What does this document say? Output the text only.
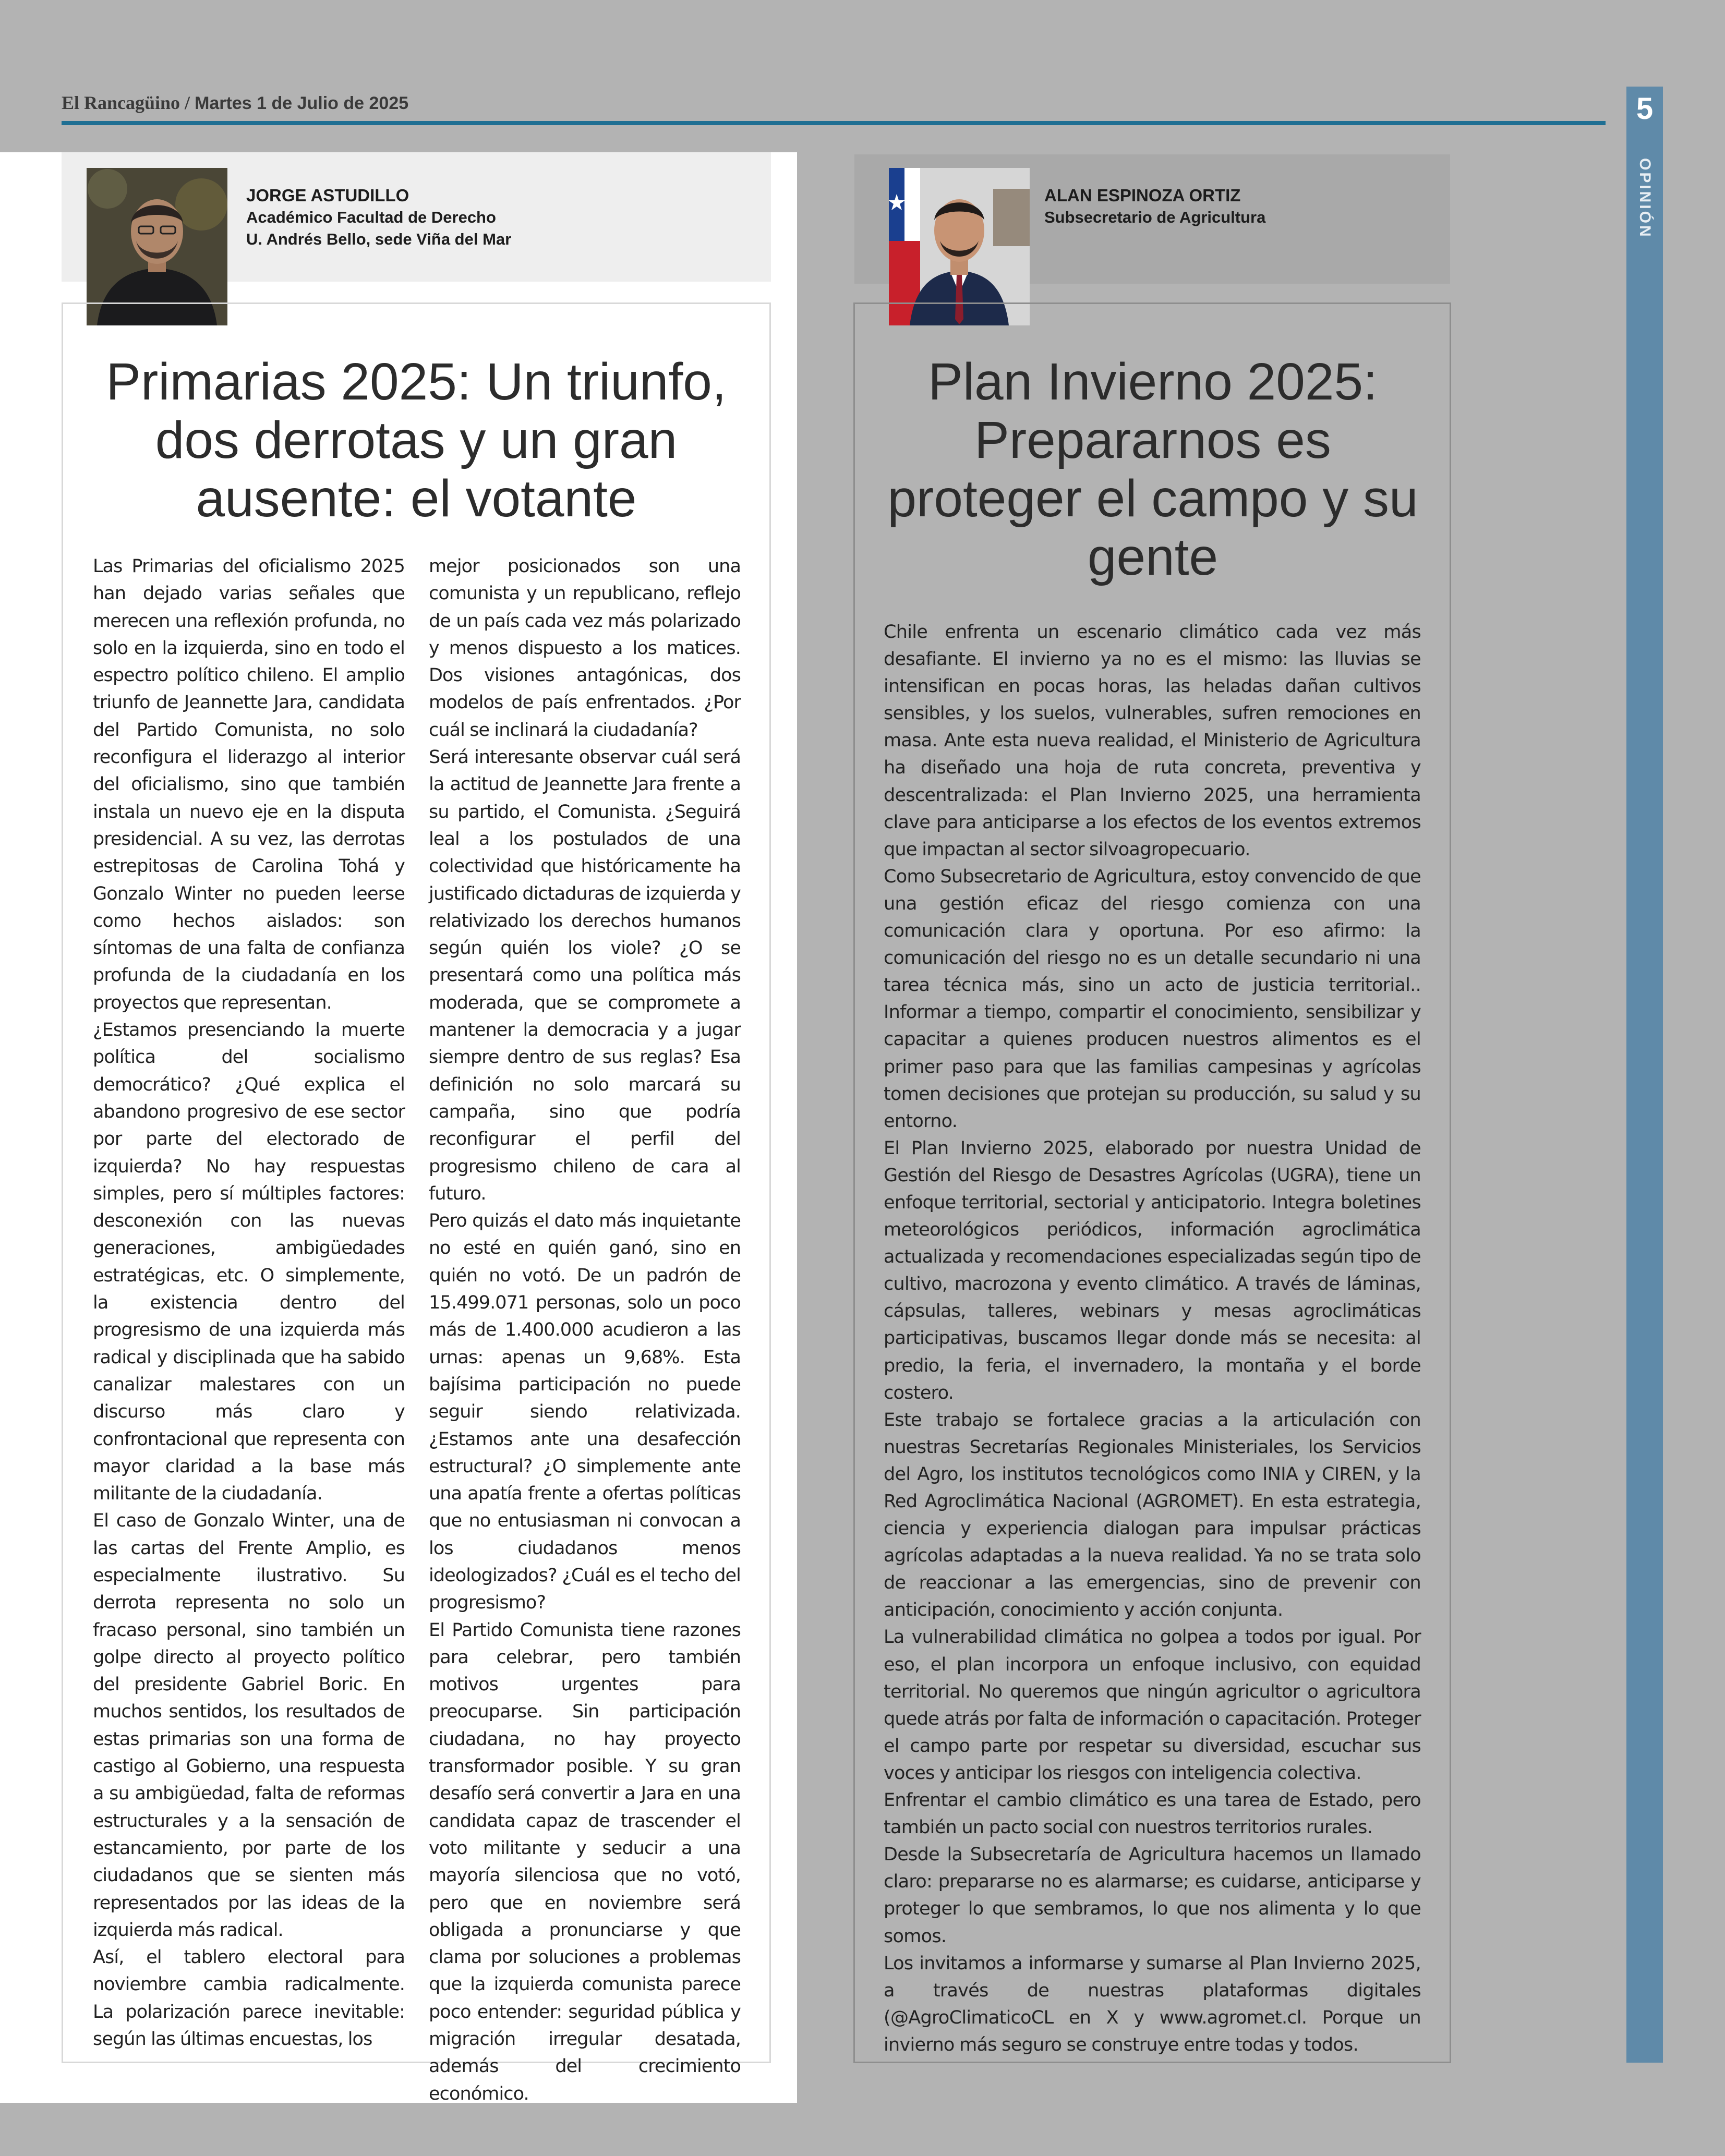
El Rancagüino / Martes 1 de Julio de 2025	5
OPINIÓN
JORGE ASTUDILLO
Académico Facultad de Derecho
U. Andrés Bello, sede Viña del Mar
Primarias 2025: Un triunfo, dos derrotas y un gran ausente: el votante

Las Primarias del oficialismo 2025 han dejado varias señales que merecen una reflexión profunda, no solo en la izquierda, sino en todo el espectro político chileno. El amplio triunfo de Jeannette Jara, candidata del Partido Comunista, no solo reconfigura el liderazgo al interior del oficialismo, sino que también instala un nuevo eje en la disputa presidencial. A su vez, las derrotas estrepitosas de Carolina Tohá y Gonzalo Winter no pueden leerse como hechos aislados: son síntomas de una falta de confianza profunda de la ciudadanía en los proyectos que representan.

¿Estamos presenciando la muerte política del socialismo democrático? ¿Qué explica el abandono progresivo de ese sector por parte del electorado de izquierda? No hay respuestas simples, pero sí múltiples factores: desconexión con las nuevas generaciones, ambigüedades estratégicas, etc. O simplemente, la existencia dentro del progresismo de una izquierda más radical y disciplinada que ha sabido canalizar malestares con un discurso más claro y confrontacional que representa con mayor claridad a la base más militante de la ciudadanía.

El caso de Gonzalo Winter, una de las cartas del Frente Amplio, es especialmente ilustrativo. Su derrota representa no solo un fracaso personal, sino también un golpe directo al proyecto político del presidente Gabriel Boric. En muchos sentidos, los resultados de estas primarias son una forma de castigo al Gobierno, una respuesta a su ambigüedad, falta de reformas estructurales y a la sensación de estancamiento, por parte de los ciudadanos que se sienten más representados por las ideas de la izquierda más radical.

Así, el tablero electoral para noviembre cambia radicalmente. La polarización parece inevitable: según las últimas encuestas, los

mejor posicionados son una comunista y un republicano, reflejo de un país cada vez más polarizado y menos dispuesto a los matices. Dos visiones antagónicas, dos modelos de país enfrentados. ¿Por cuál se inclinará la ciudadanía?

Será interesante observar cuál será la actitud de Jeannette Jara frente a su partido, el Comunista. ¿Seguirá leal a los postulados de una colectividad que históricamente ha justificado dictaduras de izquierda y relativizado los derechos humanos según quién los viole? ¿O se presentará como una política más moderada, que se compromete a mantener la democracia y a jugar siempre dentro de sus reglas? Esa definición no solo marcará su campaña, sino que podría reconfigurar el perfil del progresismo chileno de cara al futuro.

Pero quizás el dato más inquietante no esté en quién ganó, sino en quién no votó. De un padrón de 15.499.071 personas, solo un poco más de 1.400.000 acudieron a las urnas: apenas un 9,68%. Esta bajísima participación no puede seguir siendo relativizada. ¿Estamos ante una desafección estructural? ¿O simplemente ante una apatía frente a ofertas políticas que no entusiasman ni convocan a los ciudadanos menos ideologizados? ¿Cuál es el techo del progresismo?

El Partido Comunista tiene razones para celebrar, pero también motivos urgentes para preocuparse. Sin participación ciudadana, no hay proyecto transformador posible. Y su gran desafío será convertir a Jara en una candidata capaz de trascender el voto militante y seducir a una mayoría silenciosa que no votó, pero que en noviembre será obligada a pronunciarse y que clama por soluciones a problemas que la izquierda comunista parece poco entender: seguridad pública y migración irregular desatada, además del crecimiento económico.

ALAN ESPINOZA ORTIZ
Subsecretario de Agricultura
Plan Invierno 2025: Prepararnos es proteger el campo y su gente

Chile enfrenta un escenario climático cada vez más desafiante. El invierno ya no es el mismo: las lluvias se intensifican en pocas horas, las heladas dañan cultivos sensibles, y los suelos, vulnerables, sufren remociones en masa. Ante esta nueva realidad, el Ministerio de Agricultura ha diseñado una hoja de ruta concreta, preventiva y descentralizada: el Plan Invierno 2025, una herramienta clave para anticiparse a los efectos de los eventos extremos que impactan al sector silvoagropecuario.

Como Subsecretario de Agricultura, estoy convencido de que una gestión eficaz del riesgo comienza con una comunicación clara y oportuna. Por eso afirmo: la comunicación del riesgo no es un detalle secundario ni una tarea técnica más, sino un acto de justicia territorial.. Informar a tiempo, compartir el conocimiento, sensibilizar y capacitar a quienes producen nuestros alimentos es el primer paso para que las familias campesinas y agrícolas tomen decisiones que protejan su producción, su salud y su entorno.

El Plan Invierno 2025, elaborado por nuestra Unidad de Gestión del Riesgo de Desastres Agrícolas (UGRA), tiene un enfoque territorial, sectorial y anticipatorio. Integra boletines meteorológicos periódicos, información agroclimática actualizada y recomendaciones especializadas según tipo de cultivo, macrozona y evento climático. A través de láminas, cápsulas, talleres, webinars y mesas agroclimáticas participativas, buscamos llegar donde más se necesita: al predio, la feria, el invernadero, la montaña y el borde costero.

Este trabajo se fortalece gracias a la articulación con nuestras Secretarías Regionales Ministeriales, los Servicios del Agro, los institutos tecnológicos como INIA y CIREN, y la Red Agroclimática Nacional (AGROMET). En esta estrategia, ciencia y experiencia dialogan para impulsar prácticas agrícolas adaptadas a la nueva realidad. Ya no se trata solo de reaccionar a las emergencias, sino de prevenir con anticipación, conocimiento y acción conjunta.

La vulnerabilidad climática no golpea a todos por igual. Por eso, el plan incorpora un enfoque inclusivo, con equidad territorial. No queremos que ningún agricultor o agricultora quede atrás por falta de información o capacitación. Proteger el campo parte por respetar su diversidad, escuchar sus voces y anticipar los riesgos con inteligencia colectiva.

Enfrentar el cambio climático es una tarea de Estado, pero también un pacto social con nuestros territorios rurales.

Desde la Subsecretaría de Agricultura hacemos un llamado claro: prepararse no es alarmarse; es cuidarse, anticiparse y proteger lo que sembramos, lo que nos alimenta y lo que somos.

Los invitamos a informarse y sumarse al Plan Invierno 2025, a través de nuestras plataformas digitales (@AgroClimaticoCL en X y www.agromet.cl. Porque un invierno más seguro se construye entre todas y todos.
